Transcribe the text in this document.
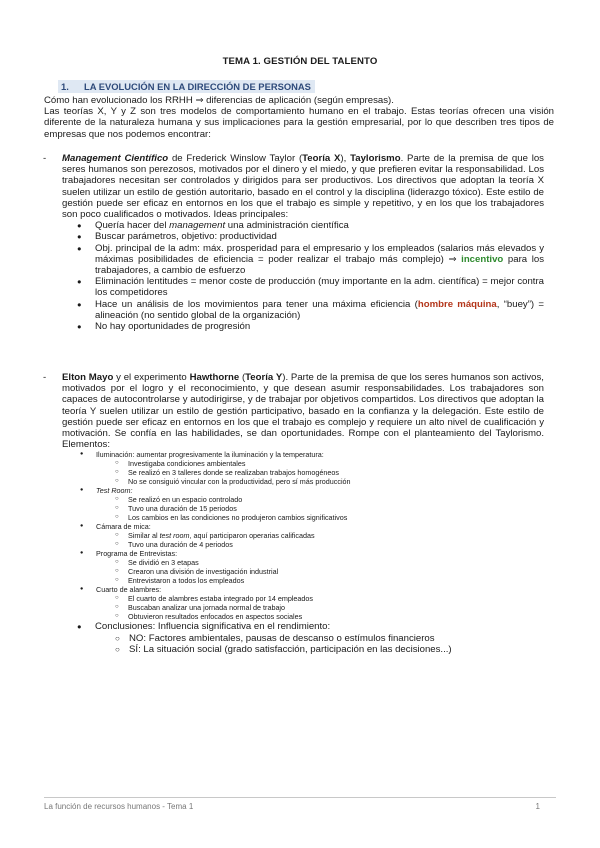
TEMA 1. GESTIÓN DEL TALENTO
1. LA EVOLUCIÓN EN LA DIRECCIÓN DE PERSONAS

Cómo han evolucionado los RRHH ⇒ diferencias de aplicación (según empresas).

Las teorías X, Y y Z son tres modelos de comportamiento humano en el trabajo. Estas teorías ofrecen una visión diferente de la naturaleza humana y sus implicaciones para la gestión empresarial, por lo que describen tres tipos de empresas que nos podemos encontrar:

- Management Científico de Frederick Winslow Taylor (Teoría X), Taylorismo. Parte de la premisa de que los seres humanos son perezosos, motivados por el dinero y el miedo, y que prefieren evitar la responsabilidad. Los trabajadores necesitan ser controlados y dirigidos para ser productivos. Los directivos que adoptan la teoría X suelen utilizar un estilo de gestión autoritario, basado en el control y la disciplina (liderazgo tóxico). Este estilo de gestión puede ser eficaz en entornos en los que el trabajo es simple y repetitivo, y en los que los trabajadores son poco cualificados o motivados. Ideas principales:

● Quería hacer del management una administración científica
● Buscar parámetros, objetivo: productividad
● Obj. principal de la adm: máx. prosperidad para el empresario y los empleados (salarios más elevados y máximas posibilidades de eficiencia = poder realizar el trabajo más complejo) ⇒ incentivo para los trabajadores, a cambio de esfuerzo
● Eliminación lentitudes = menor coste de producción (muy importante en la adm. científica) = mejor contra los competidores
● Hace un análisis de los movimientos para tener una máxima eficiencia (hombre máquina, “buey”) = alineación (no sentido global de la organización)
● No hay oportunidades de progresión
- Elton Mayo y el experimento Hawthorne (Teoría Y). Parte de la premisa de que los seres humanos son activos, motivados por el logro y el reconocimiento, y que desean asumir responsabilidades. Los trabajadores son capaces de autocontrolarse y autodirigirse, y de trabajar por objetivos compartidos. Los directivos que adoptan la teoría Y suelen utilizar un estilo de gestión participativo, basado en la confianza y la delegación. Este estilo de gestión puede ser eficaz en entornos en los que el trabajo es complejo y requiere un alto nivel de cualificación y motivación. Se confía en las habilidades, se dan oportunidades. Rompe con el planteamiento del Taylorismo. Elementos:

● Iluminación: aumentar progresivamente la iluminación y la temperatura:
○ Investigaba condiciones ambientales
○ Se realizó en 3 talleres donde se realizaban trabajos homogéneos
○ No se consiguió vincular con la productividad, pero sí más producción
● Test Room:
○ Se realizó en un espacio controlado
○ Tuvo una duración de 15 periodos
○ Los cambios en las condiciones no produjeron cambios significativos
● Cámara de mica:
○ Similar al test room, aquí participaron operarias calificadas
○ Tuvo una duración de 4 periodos
● Programa de Entrevistas:
○ Se dividió en 3 etapas
○ Crearon una división de investigación industrial
○ Entrevistaron a todos los empleados
● Cuarto de alambres:
○ El cuarto de alambres estaba integrado por 14 empleados
○ Buscaban analizar una jornada normal de trabajo
○ Obtuvieron resultados enfocados en aspectos sociales
● Conclusiones: Influencia significativa en el rendimiento:
○ NO: Factores ambientales, pausas de descanso o estímulos financieros
○ SÍ: La situación social (grado satisfacción, participación en las decisiones...)
La función de recursos humanos - Tema 1	1
